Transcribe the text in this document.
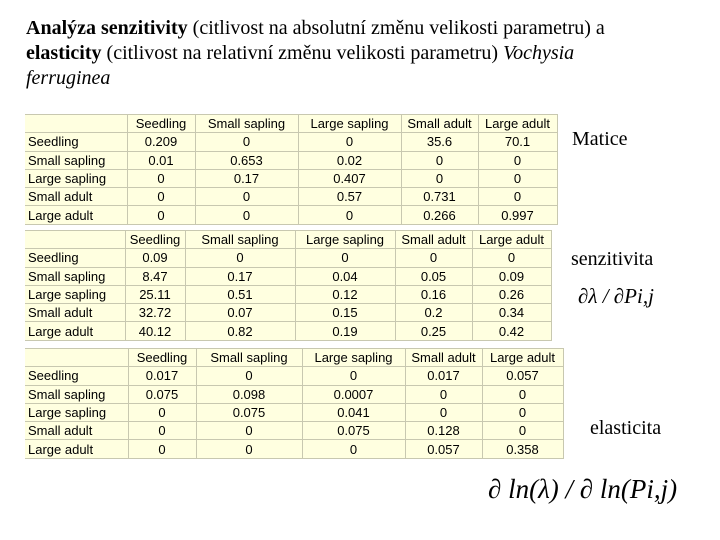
Analýza senzitivity (citlivost na absolutní změnu velikosti parametru) a elasticity (citlivost na relativní změnu velikosti parametru) Vochysia ferruginea
	Seedling	Small sapling	Large sapling	Small adult	Large adult
Seedling	0.209	0	0	35.6	70.1
Small sapling	0.01	0.653	0.02	0	0
Large sapling	0	0.17	0.407	0	0
Small adult	0	0	0.57	0.731	0
Large adult	0	0	0	0.266	0.997
	Seedling	Small sapling	Large sapling	Small adult	Large adult
Seedling	0.09	0	0	0	0
Small sapling	8.47	0.17	0.04	0.05	0.09
Large sapling	25.11	0.51	0.12	0.16	0.26
Small adult	32.72	0.07	0.15	0.2	0.34
Large adult	40.12	0.82	0.19	0.25	0.42
	Seedling	Small sapling	Large sapling	Small adult	Large adult
Seedling	0.017	0	0	0.017	0.057
Small sapling	0.075	0.098	0.0007	0	0
Large sapling	0	0.075	0.041	0	0
Small adult	0	0	0.075	0.128	0
Large adult	0	0	0	0.057	0.358
Matice
senzitivita
elasticita
∂λ / ∂Pi,j
∂ ln(λ) / ∂ ln(Pi,j)
